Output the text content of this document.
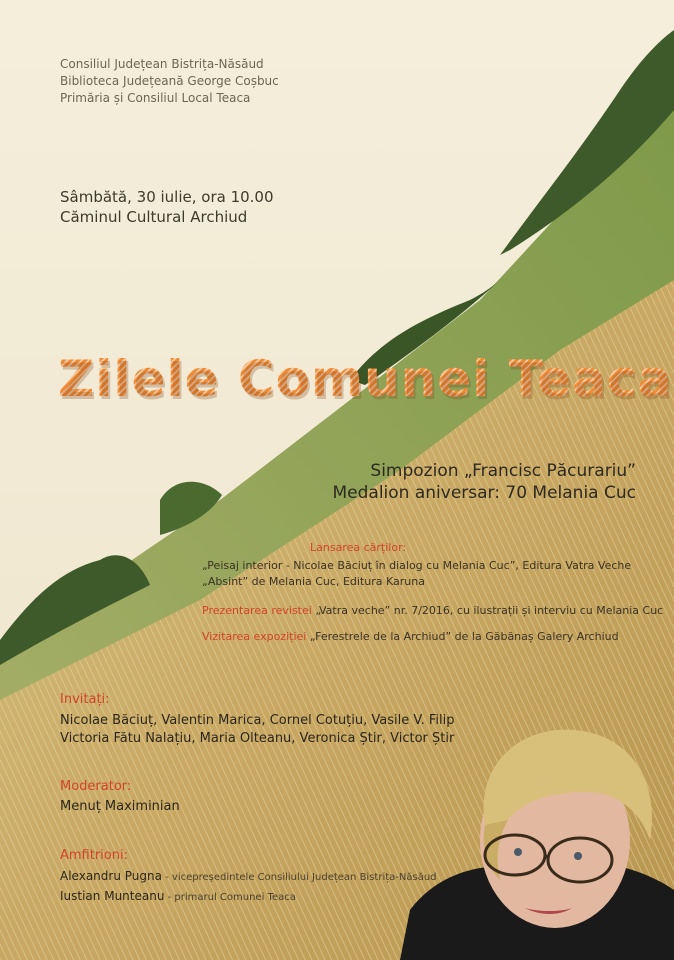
Consiliul Județean Bistrița-Năsăud
Biblioteca Județeană George Coșbuc
Primăria și Consiliul Local Teaca
Sâmbătă, 30 iulie, ora 10.00
Căminul Cultural Archiud
Zilele Comunei Teaca
Simpozion „Francisc Păcurariu”
Medalion aniversar: 70 Melania Cuc
Lansarea cărților:
„Peisaj interior - Nicolae Băciuț în dialog cu Melania Cuc”, Editura Vatra Veche
„Absint” de Melania Cuc, Editura Karuna
Prezentarea revistei „Vatra veche” nr. 7/2016, cu ilustrații și interviu cu Melania Cuc
Vizitarea expoziției „Ferestrele de la Archiud” de la Găbănaș Galery Archiud
Invitați:
Nicolae Băciuț, Valentin Marica, Cornel Cotuțiu, Vasile V. Filip
Victoria Fătu Nalațiu, Maria Olteanu, Veronica Știr, Victor Știr
Moderator:
Menuț Maximinian
Amfitrioni:
Alexandru Pugna - vicepreședintele Consiliului Județean Bistrița-Năsăud
Iustian Munteanu - primarul Comunei Teaca
